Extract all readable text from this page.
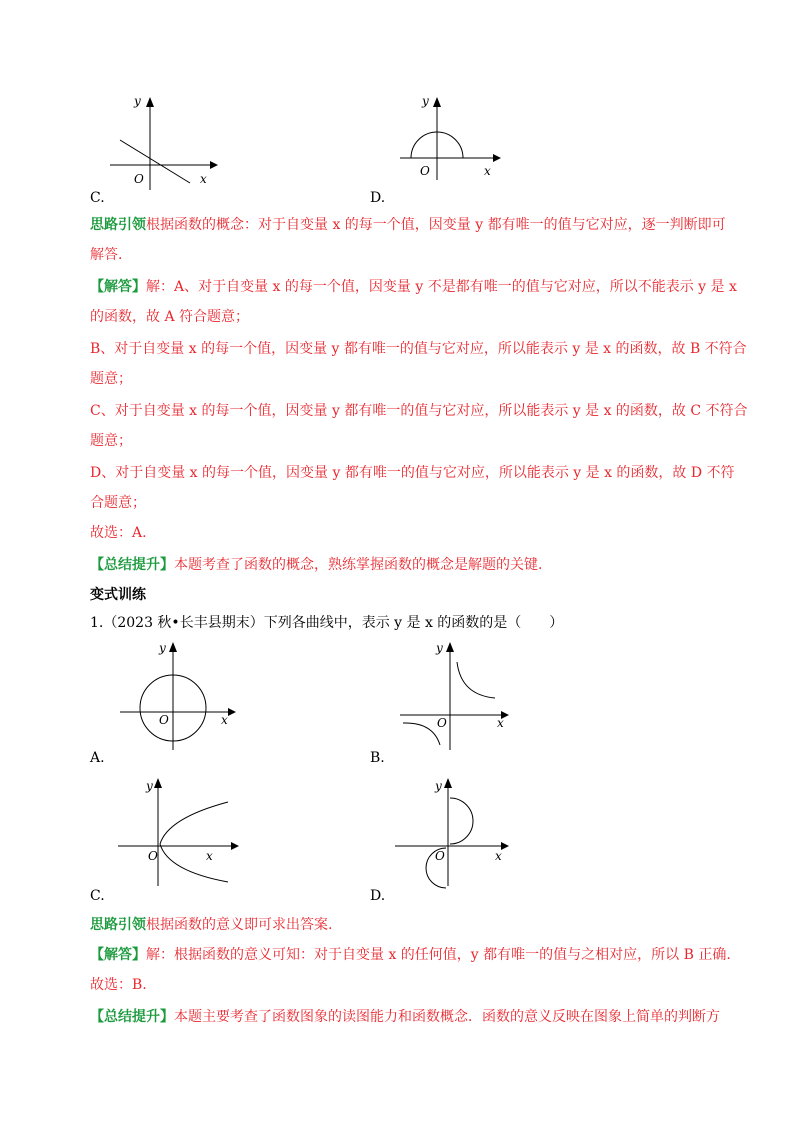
y
x
O
C.
y
x
O
D.
思路引领根据函数的概念：对于自变量 x 的每一个值，因变量 y 都有唯一的值与它对应，逐一判断即可
解答.
【解答】解：A、对于自变量 x 的每一个值，因变量 y 不是都有唯一的值与它对应，所以不能表示 y 是 x
的函数，故 A 符合题意；
B、对于自变量 x 的每一个值，因变量 y 都有唯一的值与它对应，所以能表示 y 是 x 的函数，故 B 不符合
题意；
C、对于自变量 x 的每一个值，因变量 y 都有唯一的值与它对应，所以能表示 y 是 x 的函数，故 C 不符合
题意；
D、对于自变量 x 的每一个值，因变量 y 都有唯一的值与它对应，所以能表示 y 是 x 的函数，故 D 不符
合题意；
故选：A.
【总结提升】本题考查了函数的概念，熟练掌握函数的概念是解题的关键.
变式训练
1.（2023 秋•长丰县期末）下列各曲线中，表示 y 是 x 的函数的是（　　）
y
x
O
A.
y
x
O
B.
y
x
O
C.
y
x
O
D.
思路引领根据函数的意义即可求出答案.
【解答】解：根据函数的意义可知：对于自变量 x 的任何值，y 都有唯一的值与之相对应，所以 B 正确.
故选：B.
【总结提升】本题主要考查了函数图象的读图能力和函数概念．函数的意义反映在图象上简单的判断方
